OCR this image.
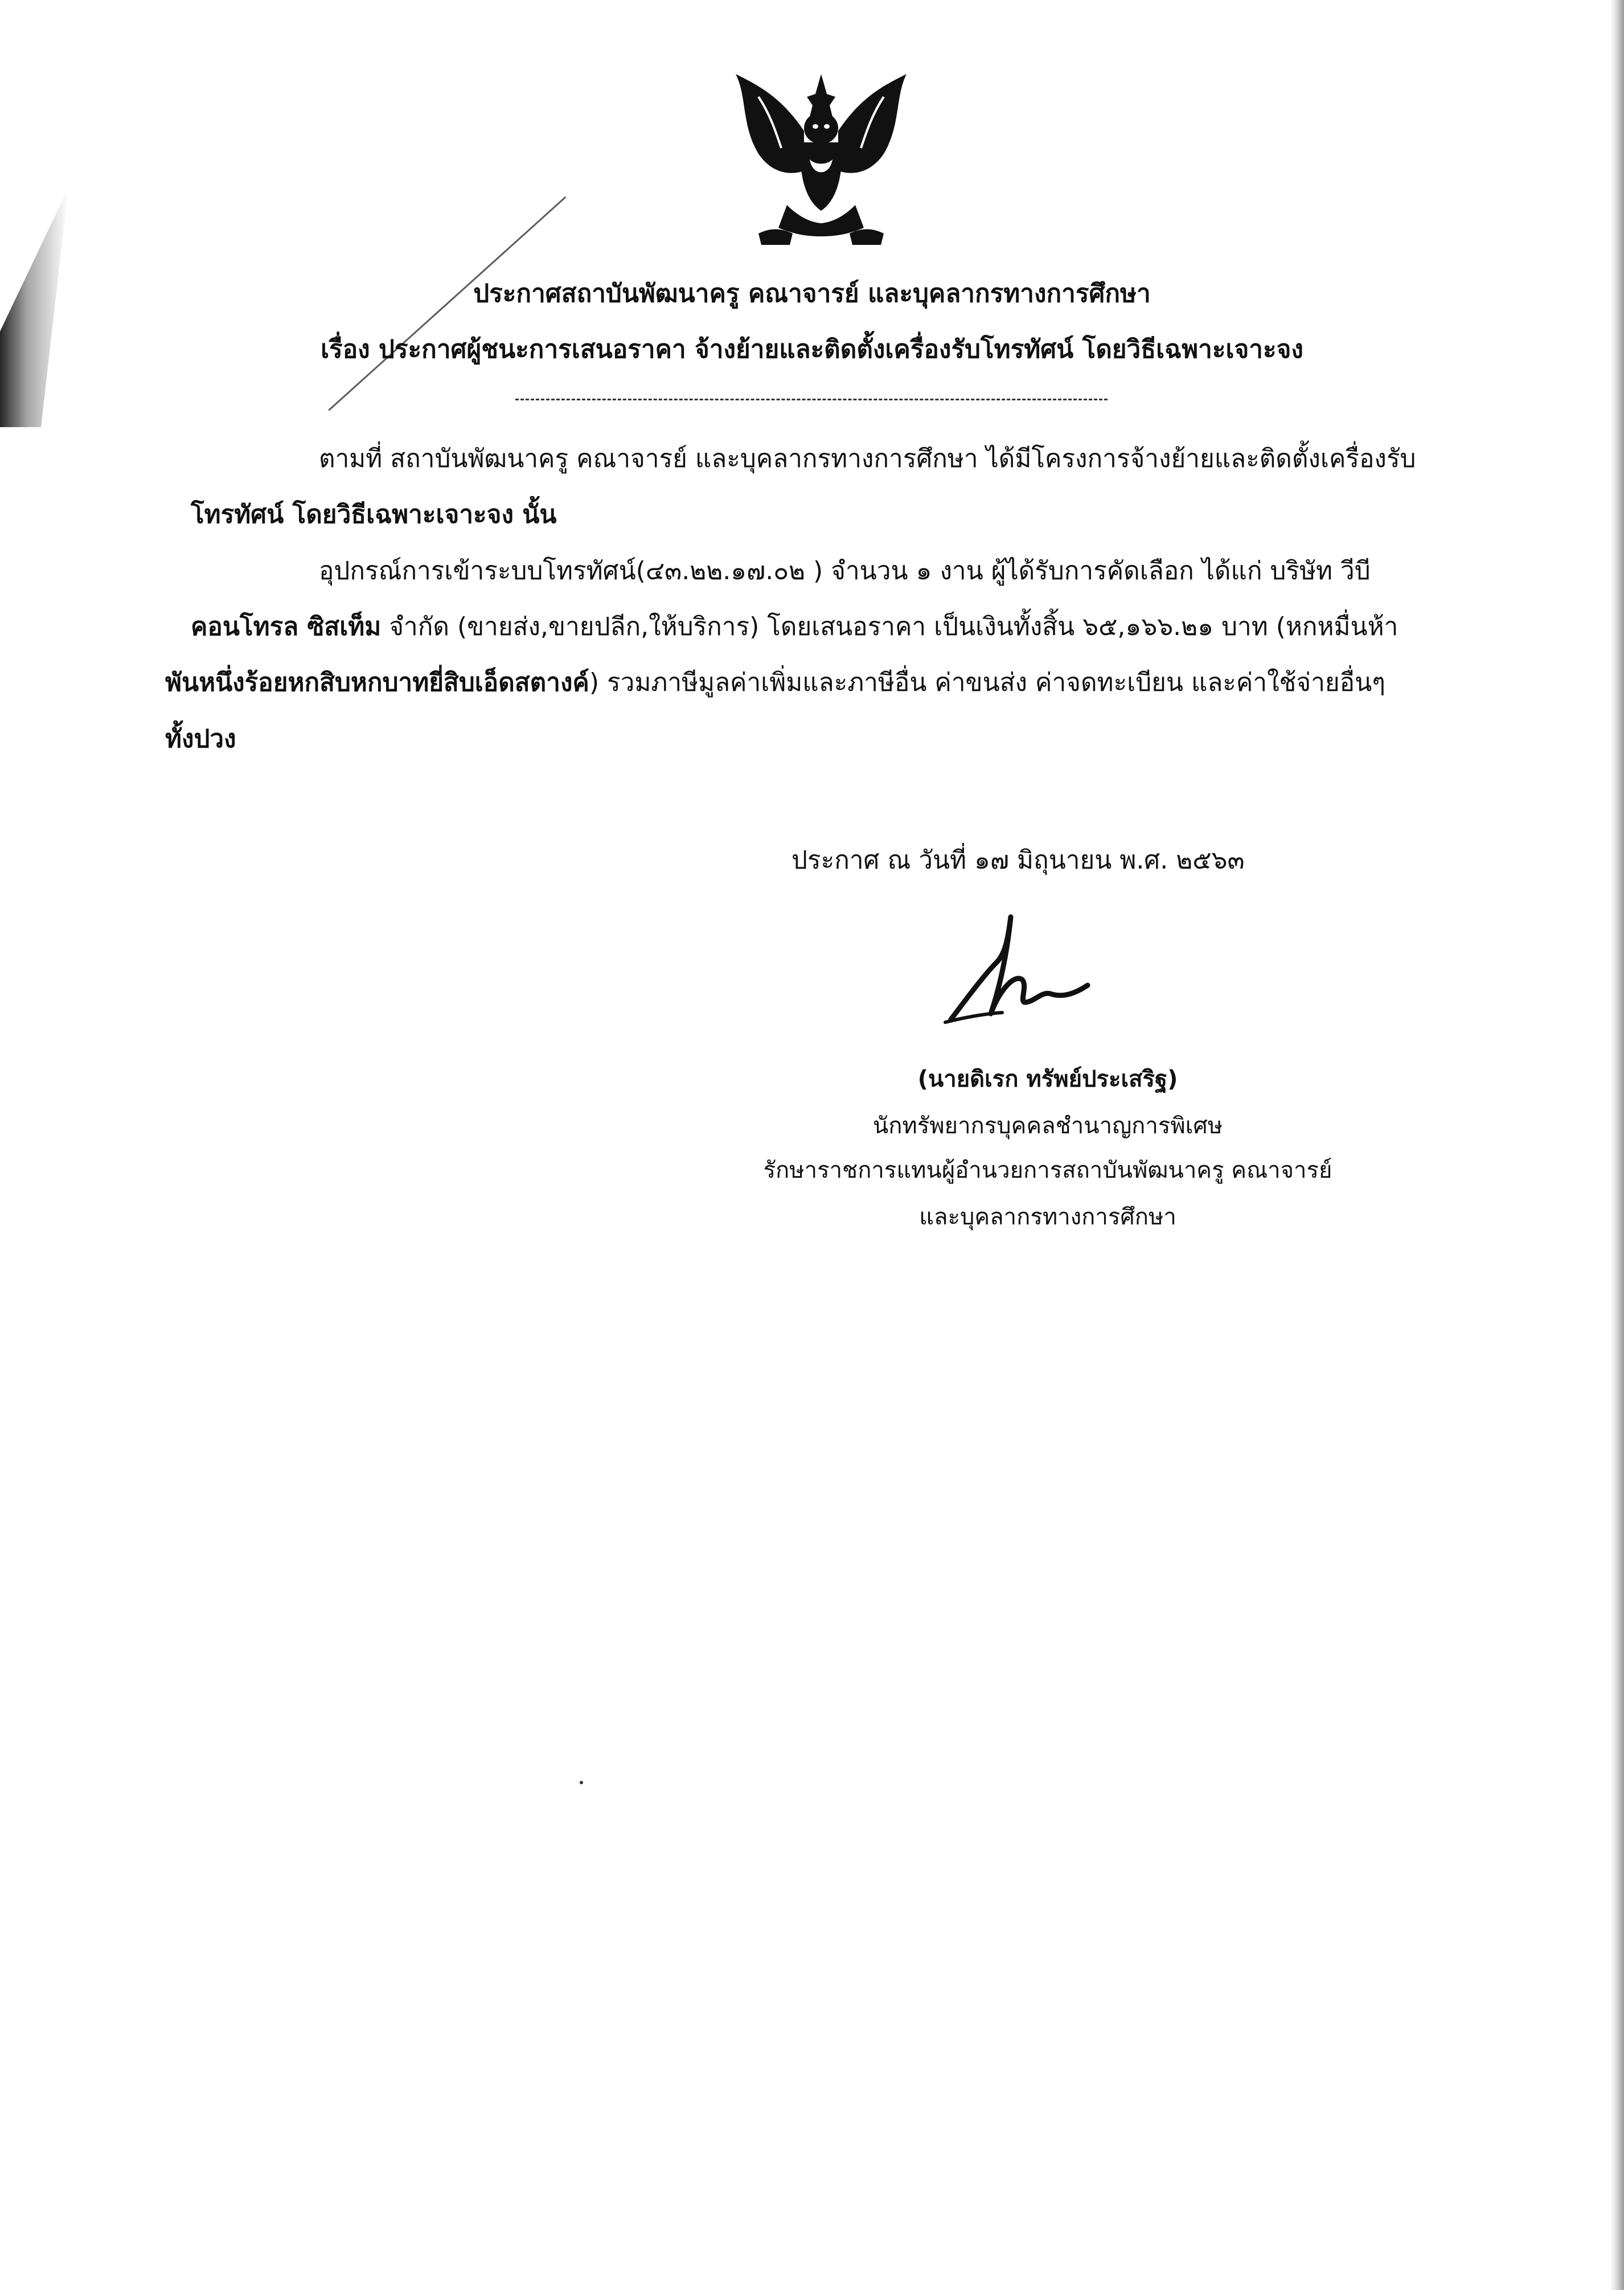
ประกาศสถาบันพัฒนาครู คณาจารย์ และบุคลากรทางการศึกษา
เรื่อง ประกาศผู้ชนะการเสนอราคา จ้างย้ายและติดตั้งเครื่องรับโทรทัศน์ โดยวิธีเฉพาะเจาะจง
ตามที่ สถาบันพัฒนาครู คณาจารย์ และบุคลากรทางการศึกษา ได้มีโครงการจ้างย้ายและติดตั้งเครื่องรับ
โทรทัศน์ โดยวิธีเฉพาะเจาะจง นั้น
อุปกรณ์การเข้าระบบโทรทัศน์(๔๓.๒๒.๑๗.๐๒ ) จำนวน ๑ งาน ผู้ได้รับการคัดเลือก ได้แก่ บริษัท วีบี
คอนโทรล ซิสเท็ม จำกัด (ขายส่ง,ขายปลีก,ให้บริการ) โดยเสนอราคา เป็นเงินทั้งสิ้น ๖๕,๑๖๖.๒๑ บาท (หกหมื่นห้า
พันหนึ่งร้อยหกสิบหกบาทยี่สิบเอ็ดสตางค์) รวมภาษีมูลค่าเพิ่มและภาษีอื่น ค่าขนส่ง ค่าจดทะเบียน และค่าใช้จ่ายอื่นๆ
ทั้งปวง
ประกาศ ณ วันที่ ๑๗ มิถุนายน พ.ศ. ๒๕๖๓
(นายดิเรก ทรัพย์ประเสริฐ)
นักทรัพยากรบุคคลชำนาญการพิเศษ
รักษาราชการแทนผู้อำนวยการสถาบันพัฒนาครู คณาจารย์
และบุคลากรทางการศึกษา
